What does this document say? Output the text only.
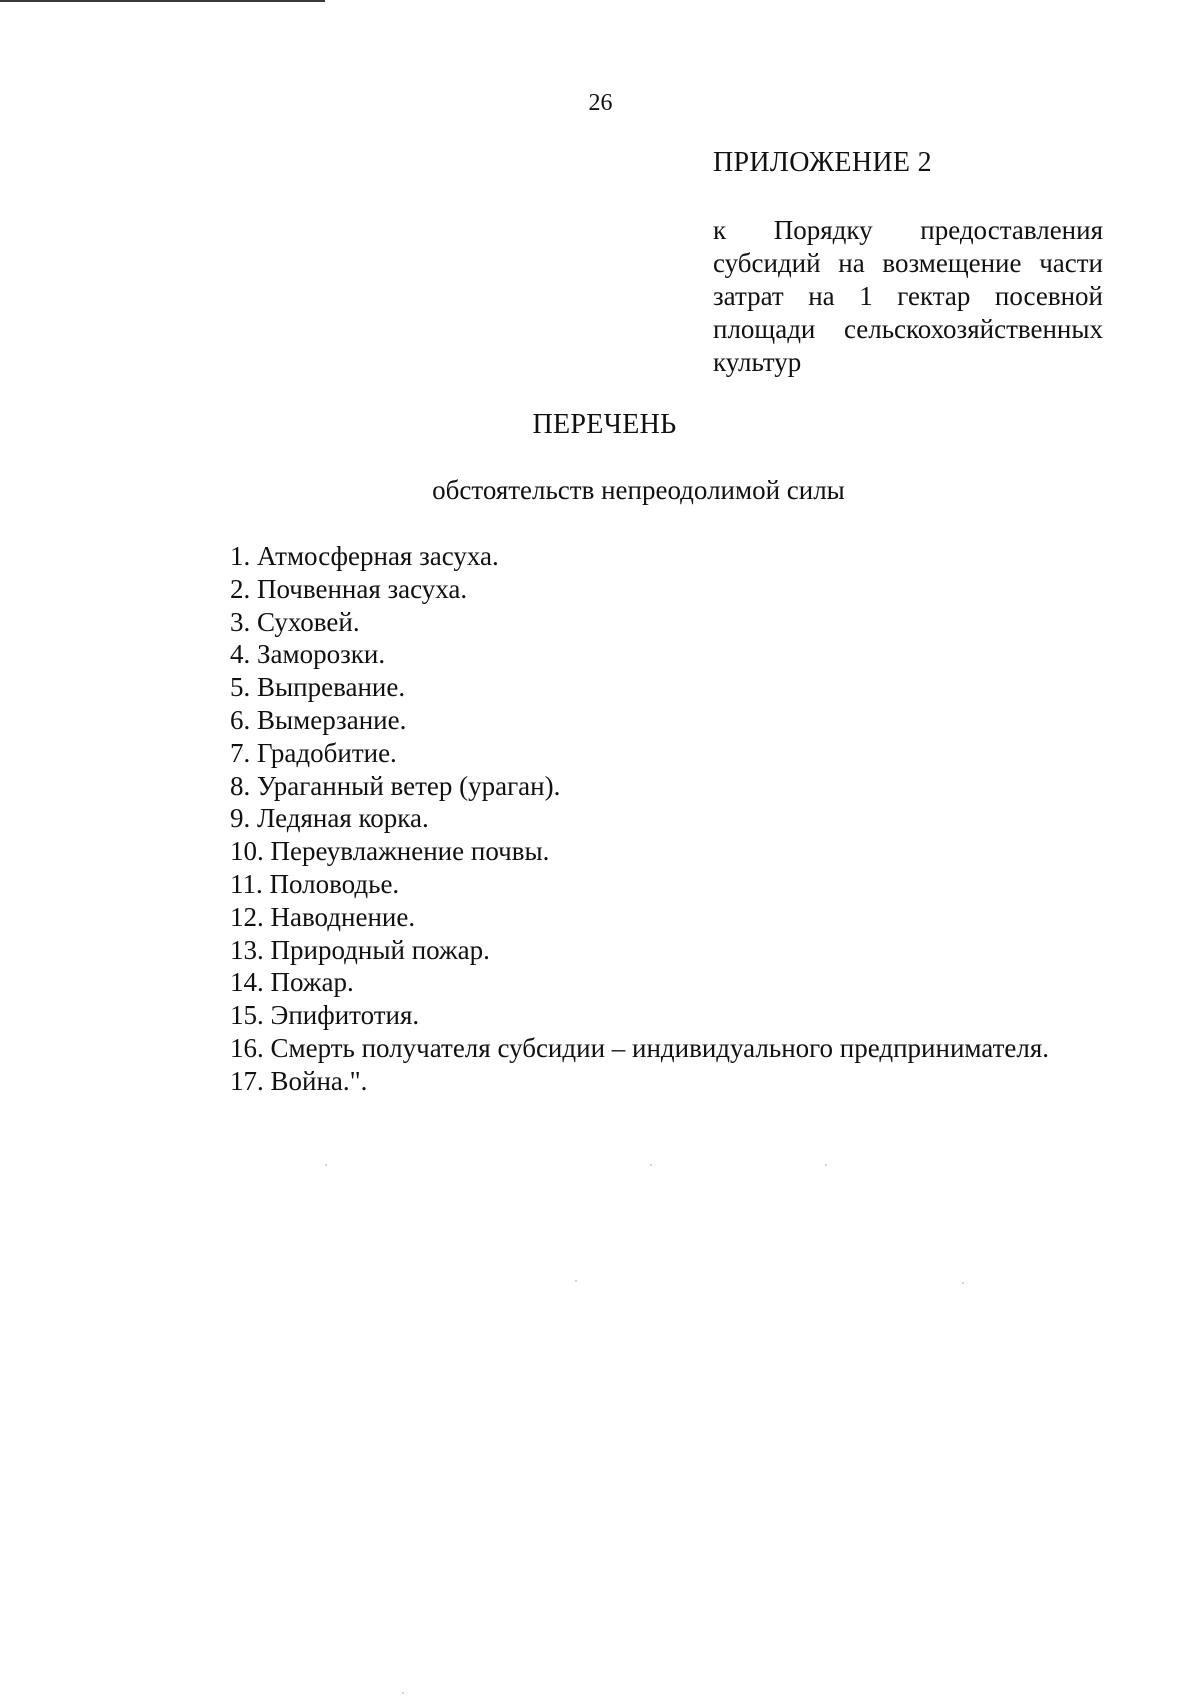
26
ПРИЛОЖЕНИЕ 2
к Порядку предоставления субсидий на возмещение части затрат на 1 гектар посевной площади сельскохозяйственных культур
ПЕРЕЧЕНЬ
обстоятельств непреодолимой силы
1. Атмосферная засуха.
2. Почвенная засуха.
3. Суховей.
4. Заморозки.
5. Выпревание.
6. Вымерзание.
7. Градобитие.
8. Ураганный ветер (ураган).
9. Ледяная корка.
10. Переувлажнение почвы.
11. Половодье.
12. Наводнение.
13. Природный пожар.
14. Пожар.
15. Эпифитотия.
16. Смерть получателя субсидии – индивидуального предпринимателя.
17. Война.".
